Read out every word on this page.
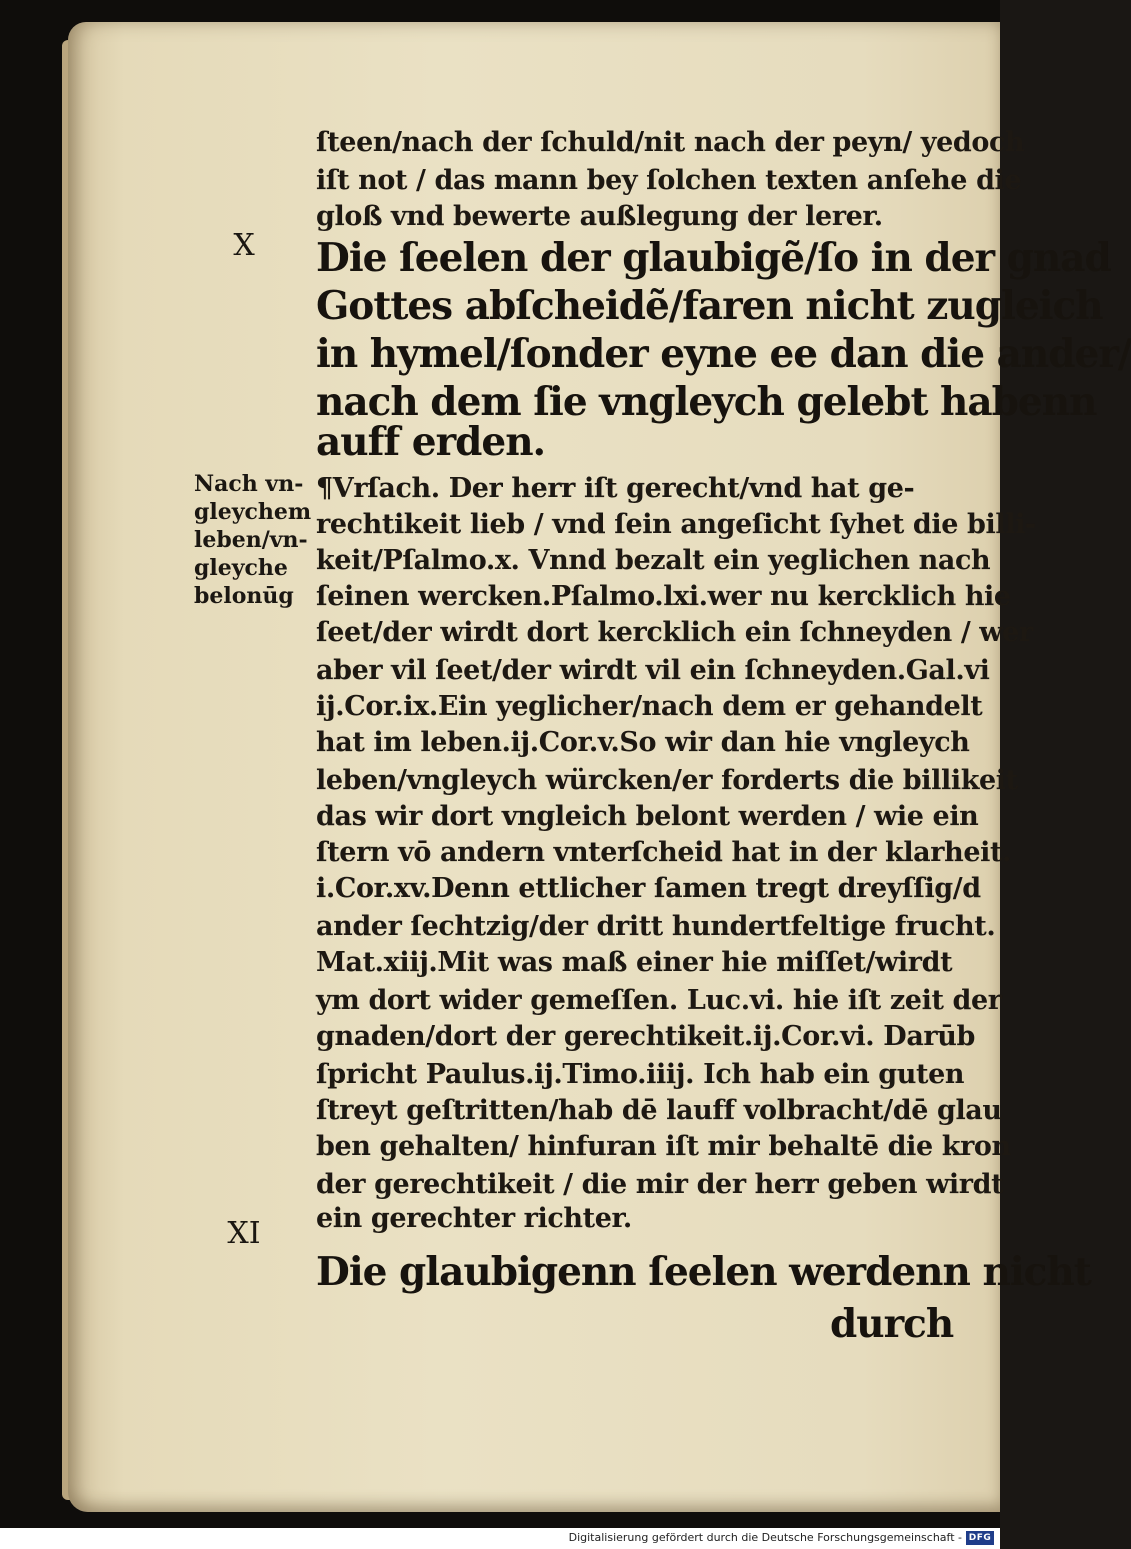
ſteen/nach der ſchuld/nit nach der peyn/ yedoch
iſt not / das mann bey ſolchen texten anſehe die
gloß vnd bewerte außlegung der lerer.
X	Die ſeelen der glaubigẽ/ſo in der gnad
Gottes abſcheidẽ/faren nicht zugleich
in hymel/ſonder eyne ee dan die ander/
nach dem ſie vngleych gelebt habenn
auff erden.
Nach vn-
gleychem
leben/vn-
gleyche
belonūg
¶Vrſach. Der herr iſt gerecht/vnd hat ge-
rechtikeit lieb / vnd ſein angeſicht ſyhet die billi-
keit/Pſalmo.x. Vnnd bezalt ein yeglichen nach
ſeinen wercken.Pſalmo.lxi.wer nu kercklich hie
ſeet/der wirdt dort kercklich ein ſchneyden / wer
aber vil ſeet/der wirdt vil ein ſchneyden.Gal.vi
ij.Cor.ix.Ein yeglicher/nach dem er gehandelt
hat im leben.ij.Cor.v.So wir dan hie vngleych
leben/vngleych würcken/er forderts die billikeit
das wir dort vngleich belont werden / wie ein
ſtern vō andern vnterſcheid hat in der klarheit.
i.Cor.xv.Denn ettlicher ſamen tregt dreyſſig/d
ander ſechtzig/der dritt hundertfeltige frucht.
Mat.xiij.Mit was maß einer hie miſſet/wirdt
ym dort wider gemeſſen. Luc.vi. hie iſt zeit der
gnaden/dort der gerechtikeit.ij.Cor.vi. Darūb
ſpricht Paulus.ij.Timo.iiij. Ich hab ein guten
ſtreyt geſtritten/hab dē lauff volbracht/dē glau
ben gehalten/ hinfuran iſt mir behaltē die kron
der gerechtikeit / die mir der herr geben wirdt
ein gerechter richter.
XI
Die glaubigenn ſeelen werdenn nicht
durch
Digitalisierung gefördert durch die Deutsche Forschungsgemeinschaft - DFG
